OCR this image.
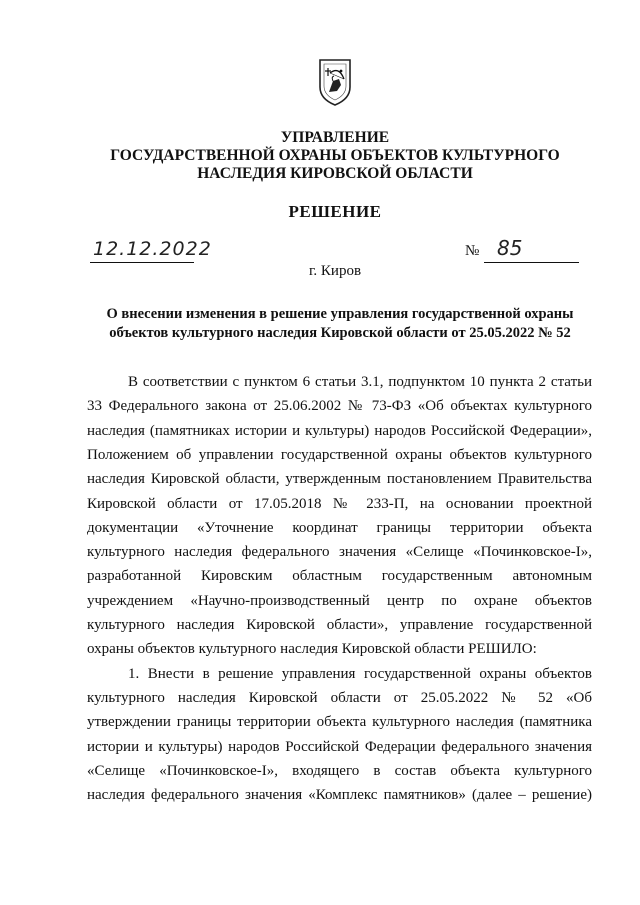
УПРАВЛЕНИЕ
ГОСУДАРСТВЕННОЙ ОХРАНЫ ОБЪЕКТОВ КУЛЬТУРНОГО
НАСЛЕДИЯ КИРОВСКОЙ ОБЛАСТИ
РЕШЕНИЕ
12.12.2022	№ 85
г. Киров
О внесении изменения в решение управления государственной охраны
объектов культурного наследия Кировской области от 25.05.2022 № 52
В соответствии с пунктом 6 статьи 3.1, подпунктом 10 пункта 2 статьи
33 Федерального закона от 25.06.2002 № 73-ФЗ «Об объектах культурного
наследия (памятниках истории и культуры) народов Российской Федерации»,
Положением об управлении государственной охраны объектов культурного
наследия Кировской области, утвержденным постановлением Правительства
Кировской области от 17.05.2018 № 233-П, на основании проектной
документации «Уточнение координат границы территории объекта
культурного наследия федерального значения «Селище «Починковское-I»,
разработанной Кировским областным государственным автономным
учреждением «Научно-производственный центр по охране объектов
культурного наследия Кировской области», управление государственной
охраны объектов культурного наследия Кировской области РЕШИЛО:
1. Внести в решение управления государственной охраны объектов
культурного наследия Кировской области от 25.05.2022 № 52 «Об
утверждении границы территории объекта культурного наследия (памятника
истории и культуры) народов Российской Федерации федерального значения
«Селище «Починковское-I», входящего в состав объекта культурного
наследия федерального значения «Комплекс памятников» (далее – решение)
